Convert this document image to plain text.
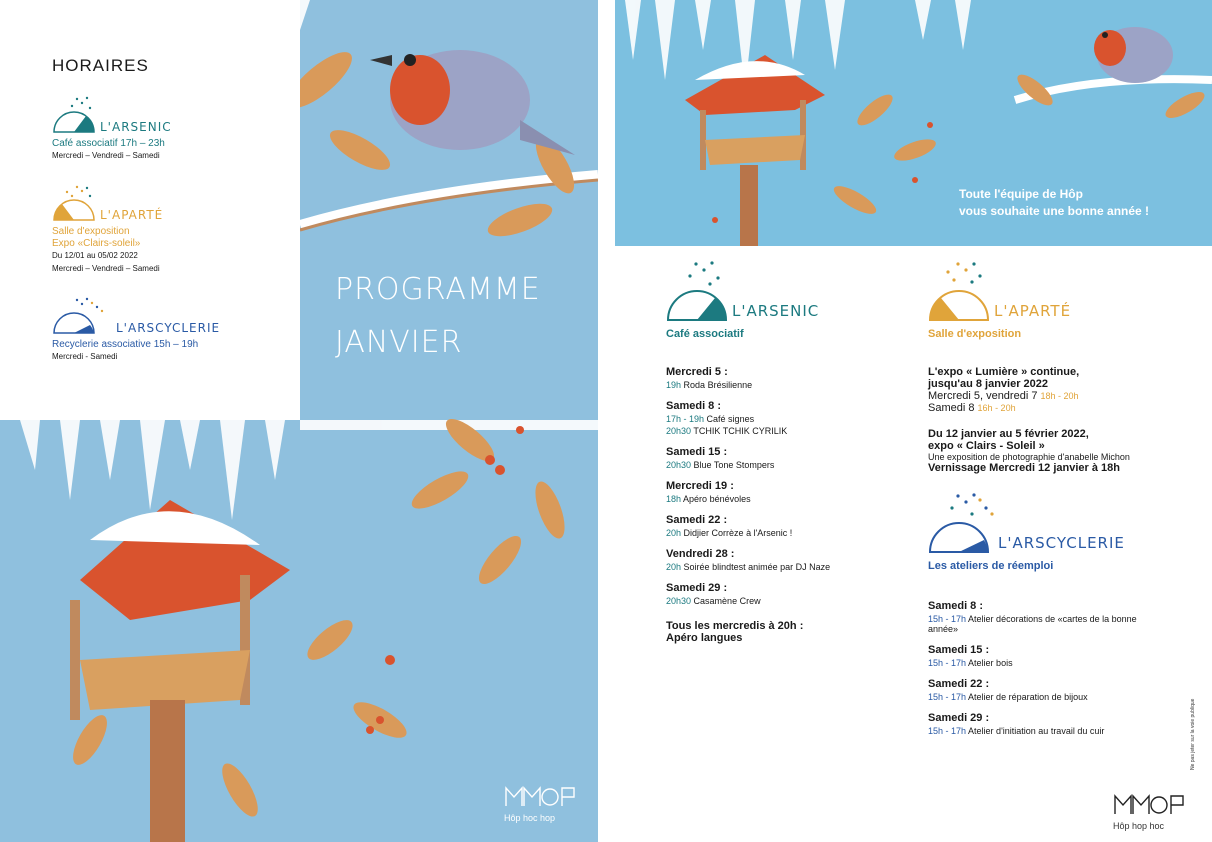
HORAIRES
L'ARSENIC
Café associatif 17h – 23h
Mercredi – Vendredi – Samedi
L'APARTÉ
Salle d'exposition
Expo «Clairs-soleil»
Du 12/01 au 05/02 2022
Mercredi – Vendredi – Samedi
L'ARSCYCLERIE
Recyclerie associative 15h – 19h
Mercredi - Samedi
PROGRAMME
JANVIER
Hôp hoc hop
Toute l'équipe de Hôp
vous souhaite une bonne année !
L'ARSENIC
Café associatif
Mercredi 5 :
19h Roda Brésilienne
Samedi 8 :
17h - 19h Café signes
20h30 TCHIK TCHIK CYRILIK
Samedi 15 :
20h30 Blue Tone Stompers
Mercredi 19 :
18h Apéro bénévoles
Samedi 22 :
20h Didjier Corrèze à l'Arsenic !
Vendredi 28 :
20h Soirée blindtest animée par DJ Naze
Samedi 29 :
20h30 Casamène Crew
Tous les mercredis à 20h :
Apéro langues
L'APARTÉ
Salle d'exposition
L'expo « Lumière » continue,
jusqu'au 8 janvier 2022
Mercredi 5, vendredi 7 18h - 20h
Samedi 8 16h - 20h
Du 12 janvier au 5 février 2022,
expo « Clairs - Soleil »
Une exposition de photographie d'anabelle Michon
Vernissage Mercredi 12 janvier à 18h
L'ARSCYCLERIE
Les ateliers de réemploi
Samedi 8 :
15h - 17h Atelier décorations de «cartes de la bonne année»
Samedi 15 :
15h - 17h Atelier bois
Samedi 22 :
15h - 17h Atelier de réparation de bijoux
Samedi 29 :
15h - 17h Atelier d'initiation au travail du cuir	Ne pas jeter sur la voie publique
Hôp hop hoc
